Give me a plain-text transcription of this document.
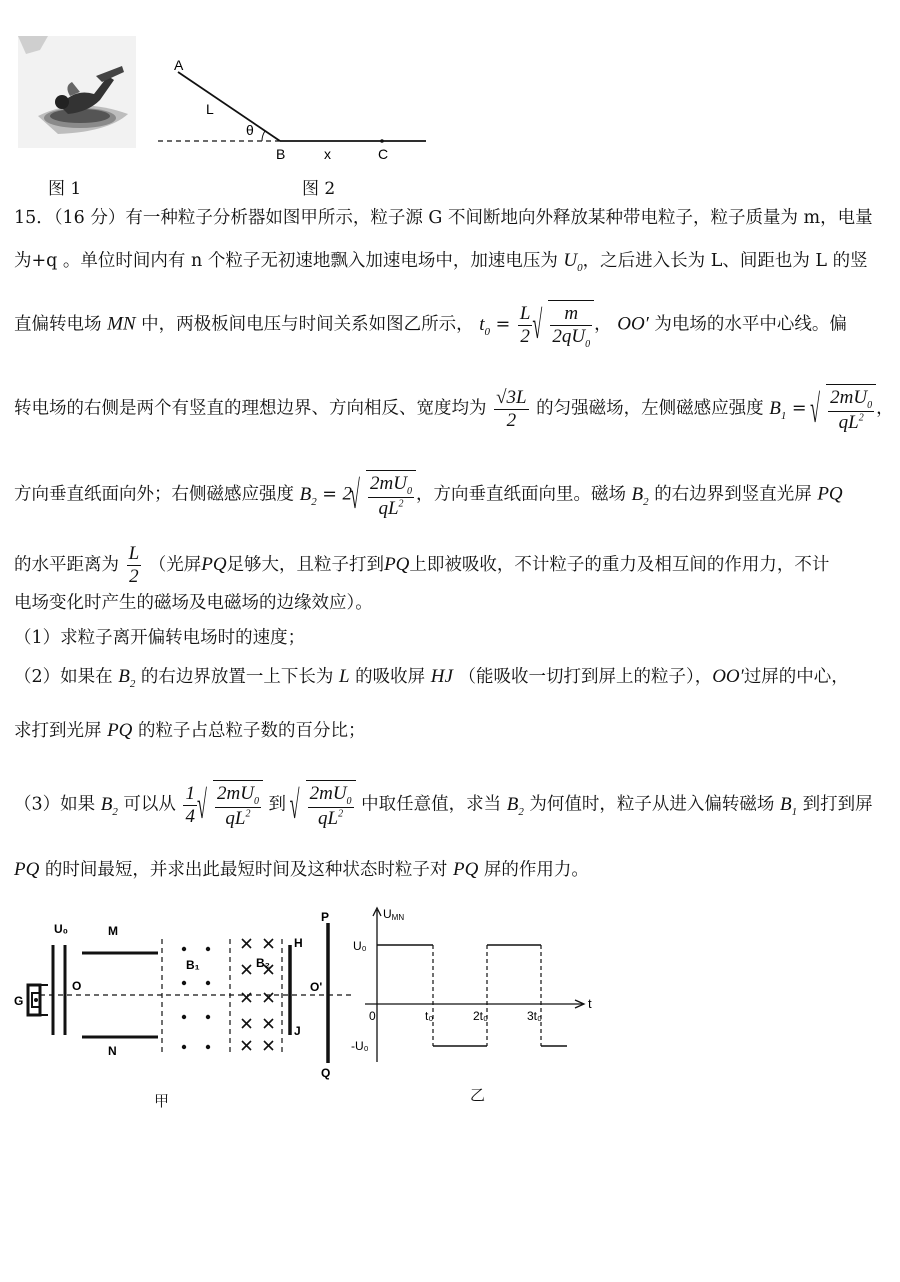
图 1
A
L
θ
B	x	C
图 2
15．（16 分）有一种粒子分析器如图甲所示，粒子源 G 不间断地向外释放某种带电粒子，粒子质量为 m，电量
为+q 。单位时间内有 n 个粒子无初速地飘入加速电场中，加速电压为 $U_0$，之后进入长为 L、间距也为 L 的竖
直偏转电场 MN 中，两极板间电压与时间关系如图乙所示， $t_0 = \frac{L}{2}$ √ $\frac{m}{2qU_0}$ ， OO′ 为电场的水平中心线。偏
转电场的右侧是两个有竖直的理想边界、方向相反、宽度均为 $\frac{√3L}{2}$ 的匀强磁场，左侧磁感应强度 $B_1$ = √ $\frac{2mU_0}{qL^2}$ ，
方向垂直纸面向外；右侧磁感应强度 $B_2 = 2$ √ $\frac{2mU_0}{qL^2}$ ，方向垂直纸面向里。磁场 $B_2$ 的右边界到竖直光屏 PQ
的水平距离为 $\frac{L}{2}$ （光屏PQ足够大，且粒子打到PQ上即被吸收，不计粒子的重力及相互间的作用力，不计
电场变化时产生的磁场及电磁场的边缘效应）。
（1）求粒子离开偏转电场时的速度；
（2）如果在 $B_2$ 的右边界放置一上下长为 L 的吸收屏 HJ （能吸收一切打到屏上的粒子），OO′过屏的中心，
求打到光屏 PQ 的粒子占总粒子数的百分比；
（3）如果 $B_2$ 可以从 $\frac{1}{4}$ √ $\frac{2mU_0}{qL^2}$ 到 √ $\frac{2mU_0}{qL^2}$ 中取任意值，求当 $B_2$ 为何值时，粒子从进入偏转磁场 $B_1$ 到打到屏
PQ 的时间最短，并求出此最短时间及这种状态时粒子对 PQ 屏的作用力。
U₀	M
N
G
O
B₁	B₂
H
J
P
Q
O'
甲
UMN
U₀
-U₀
0	t₀	2t₀	3t₀
t
乙
